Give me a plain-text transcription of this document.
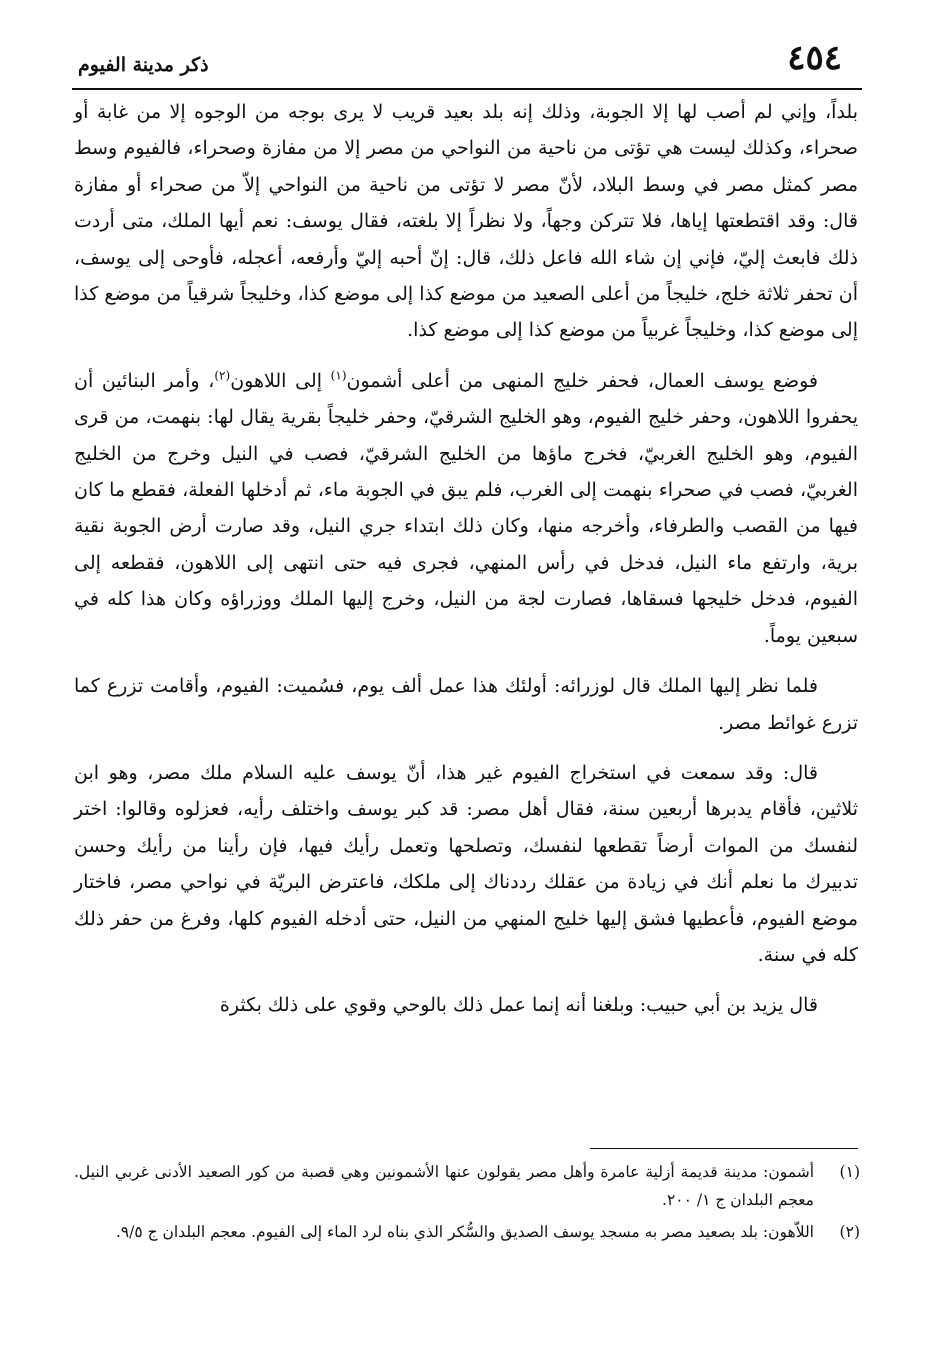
٤٥٤
ذكر مدينة الفيوم

بلداً، وإني لم أصب لها إلا الجوبة، وذلك إنه بلد بعيد قريب لا يرى بوجه من الوجوه إلا من غابة أو صحراء، وكذلك ليست هي تؤتى من ناحية من النواحي من مصر إلا من مفازة وصحراء، فالفيوم وسط مصر كمثل مصر في وسط البلاد، لأنّ مصر لا تؤتى من ناحية من النواحي إلاّ من صحراء أو مفازة قال: وقد اقتطعتها إياها، فلا تتركن وجهاً، ولا نظراً إلا بلغته، فقال يوسف: نعم أيها الملك، متى أردت ذلك فابعث إليّ، فإني إن شاء الله فاعل ذلك، قال: إنّ أحبه إليّ وأرفعه، أعجله، فأوحى إلى يوسف، أن تحفر ثلاثة خلج، خليجاً من أعلى الصعيد من موضع كذا إلى موضع كذا، وخليجاً شرقياً من موضع كذا إلى موضع كذا، وخليجاً غربياً من موضع كذا إلى موضع كذا.

فوضع يوسف العمال، فحفر خليج المنهى من أعلى أشمون$^{(١)}$ إلى اللاهون$^{(٢)}$، وأمر البنائين أن يحفروا اللاهون، وحفر خليج الفيوم، وهو الخليج الشرقيّ، وحفر خليجاً بقرية يقال لها: بنهمت، من قرى الفيوم، وهو الخليج الغربيّ، فخرج ماؤها من الخليج الشرقيّ، فصب في النيل وخرج من الخليج الغربيّ، فصب في صحراء بنهمت إلى الغرب، فلم يبق في الجوبة ماء، ثم أدخلها الفعلة، فقطع ما كان فيها من القصب والطرفاء، وأخرجه منها، وكان ذلك ابتداء جري النيل، وقد صارت أرض الجوبة نقية برية، وارتفع ماء النيل، فدخل في رأس المنهي، فجرى فيه حتى انتهى إلى اللاهون، فقطعه إلى الفيوم، فدخل خليجها فسقاها، فصارت لجة من النيل، وخرج إليها الملك ووزراؤه وكان هذا كله في سبعين يوماً.

فلما نظر إليها الملك قال لوزرائه: أولئك هذا عمل ألف يوم، فسُميت: الفيوم، وأقامت تزرع كما تزرع غوائط مصر.

قال: وقد سمعت في استخراج الفيوم غير هذا، أنّ يوسف عليه السلام ملك مصر، وهو ابن ثلاثين، فأقام يدبرها أربعين سنة، فقال أهل مصر: قد كبر يوسف واختلف رأيه، فعزلوه وقالوا: اختر لنفسك من الموات أرضاً تقطعها لنفسك، وتصلحها وتعمل رأيك فيها، فإن رأينا من رأيك وحسن تدبيرك ما نعلم أنك في زيادة من عقلك رددناك إلى ملكك، فاعترض البريّة في نواحي مصر، فاختار موضع الفيوم، فأعطيها فشق إليها خليج المنهي من النيل، حتى أدخله الفيوم كلها، وفرغ من حفر ذلك كله في سنة.

قال يزيد بن أبي حبيب: وبلغنا أنه إنما عمل ذلك بالوحي وقوي على ذلك بكثرة

(١)
أشمون: مدينة قديمة أزلية عامرة وأهل مصر يقولون عنها الأشمونين وهي قصبة من كور الصعيد الأدنى غربي النيل. معجم البلدان ج ١/ ٢٠٠.
(٢)
اللاّهون: بلد بصعيد مصر به مسجد يوسف الصديق والسُّكر الذي بناه لرد الماء إلى الفيوم. معجم البلدان ج ٩/٥.
